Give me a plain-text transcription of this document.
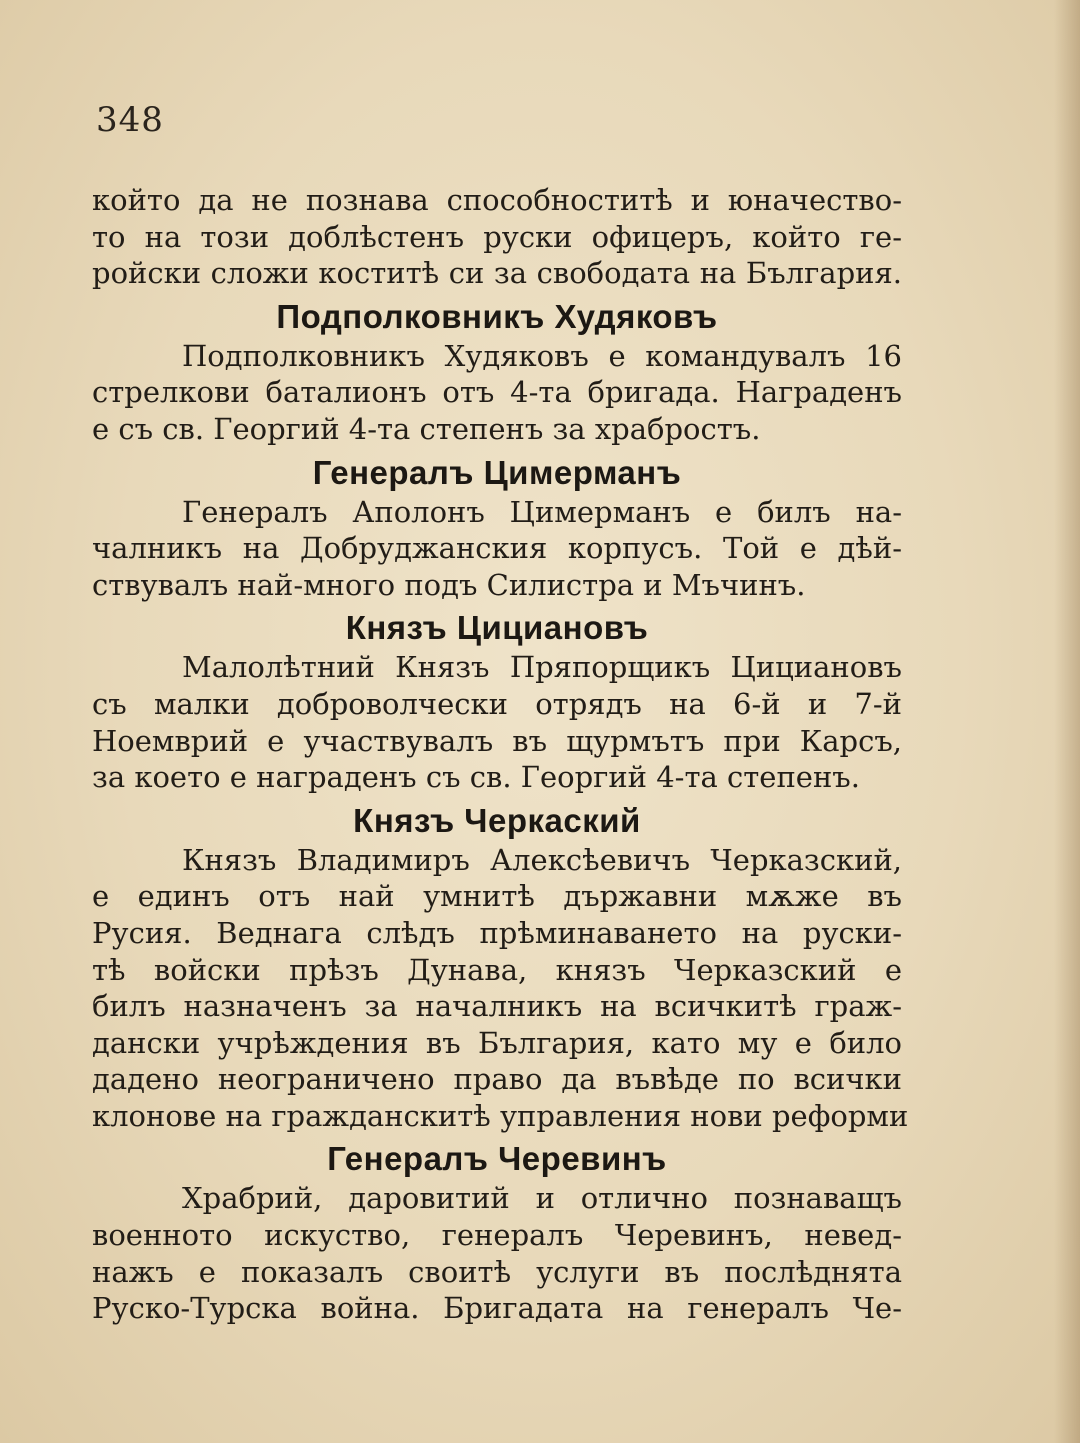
348

който да не познава способноститѣ и юначество-
то на този доблѣстенъ руски офицеръ, който ге-
ройски сложи коститѣ си за свободата на България.

Подполковникъ Худяковъ

Подполковникъ Худяковъ е командувалъ 16
стрелкови баталионъ отъ 4-та бригада. Награденъ
е съ св. Георгий 4-та степенъ за храбростъ.

Генералъ Цимерманъ

Генералъ Аполонъ Цимерманъ е билъ на-
чалникъ на Добруджанския корпусъ. Той е дѣй-
ствувалъ най-много подъ Силистра и Мъчинъ.

Князъ Цициановъ

Малолѣтний Князъ Пряпорщикъ Цициановъ
съ малки доброволчески отрядъ на 6-й и 7-й
Ноемврий е участвувалъ въ щурмътъ при Карсъ,
за което е награденъ съ св. Георгий 4-та степенъ.

Князъ Черкаский

Князъ Владимиръ Алексѣевичъ Черказский,
е единъ отъ най умнитѣ държавни мѫже въ
Русия. Веднага слѣдъ прѣминаването на руски-
тѣ войски прѣзъ Дунава, князъ Черказский е
билъ назначенъ за началникъ на всичкитѣ граж-
дански учрѣждения въ България, като му е било
дадено неограничено право да въвѣде по всички
клонове на гражданскитѣ управления нови реформи

Генералъ Черевинъ

Храбрий, даровитий и отлично познаващъ
военното искуство, генералъ Черевинъ, невед-
нажъ е показалъ своитѣ услуги въ послѣднята
Руско-Турска война. Бригадата на генералъ Че-
